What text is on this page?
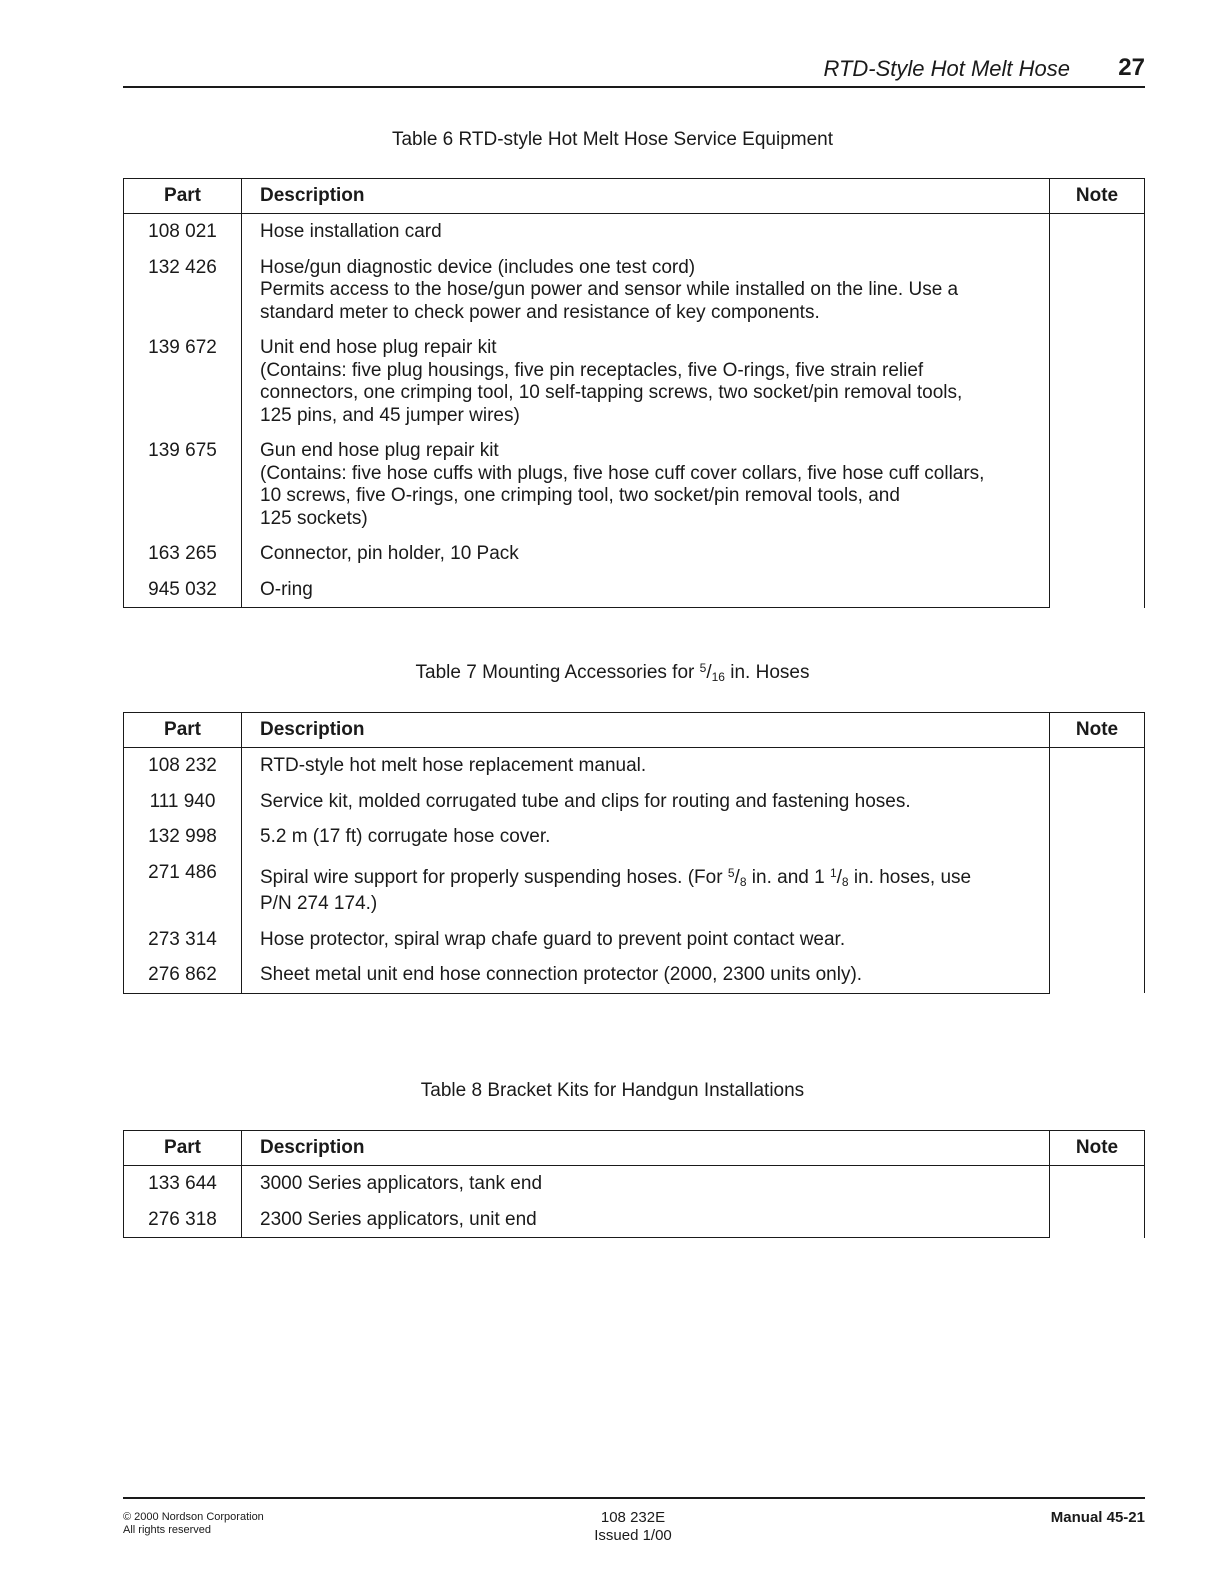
RTD-Style Hot Melt Hose 27
Table 6 RTD-style Hot Melt Hose Service Equipment
Part	Description	Note
108 021	Hose installation card	

132 426	Hose/gun diagnostic device (includes one test cord)
Permits access to the hose/gun power and sensor while installed on the line. Use a
standard meter to check power and resistance of key components.	

139 672	Unit end hose plug repair kit
(Contains: five plug housings, five pin receptacles, five O-rings, five strain relief
connectors, one crimping tool, 10 self-tapping screws, two socket/pin removal tools,
125 pins, and 45 jumper wires)	

139 675	Gun end hose plug repair kit
(Contains: five hose cuffs with plugs, five hose cuff cover collars, five hose cuff collars,
10 screws, five O-rings, one crimping tool, two socket/pin removal tools, and
125 sockets)	

163 265	Connector, pin holder, 10 Pack	

945 032	O-ring	
Table 7 Mounting Accessories for $^5/_{16}$ in. Hoses
Part	Description	Note
108 232	RTD-style hot melt hose replacement manual.	
111 940	Service kit, molded corrugated tube and clips for routing and fastening hoses.	
132 998	5.2 m (17 ft) corrugate hose cover.	
271 486	Spiral wire support for properly suspending hoses. (For $^5/_8$ in. and 1 $^1/_8$ in. hoses, use
P/N 274 174.)	

273 314	Hose protector, spiral wrap chafe guard to prevent point contact wear.	
276 862	Sheet metal unit end hose connection protector (2000, 2300 units only).	
Table 8 Bracket Kits for Handgun Installations
Part	Description	Note
133 644	3000 Series applicators, tank end	
276 318	2300 Series applicators, unit end	
© 2000 Nordson Corporation
All rights reserved
108 232E
Issued 1/00
Manual 45-21
